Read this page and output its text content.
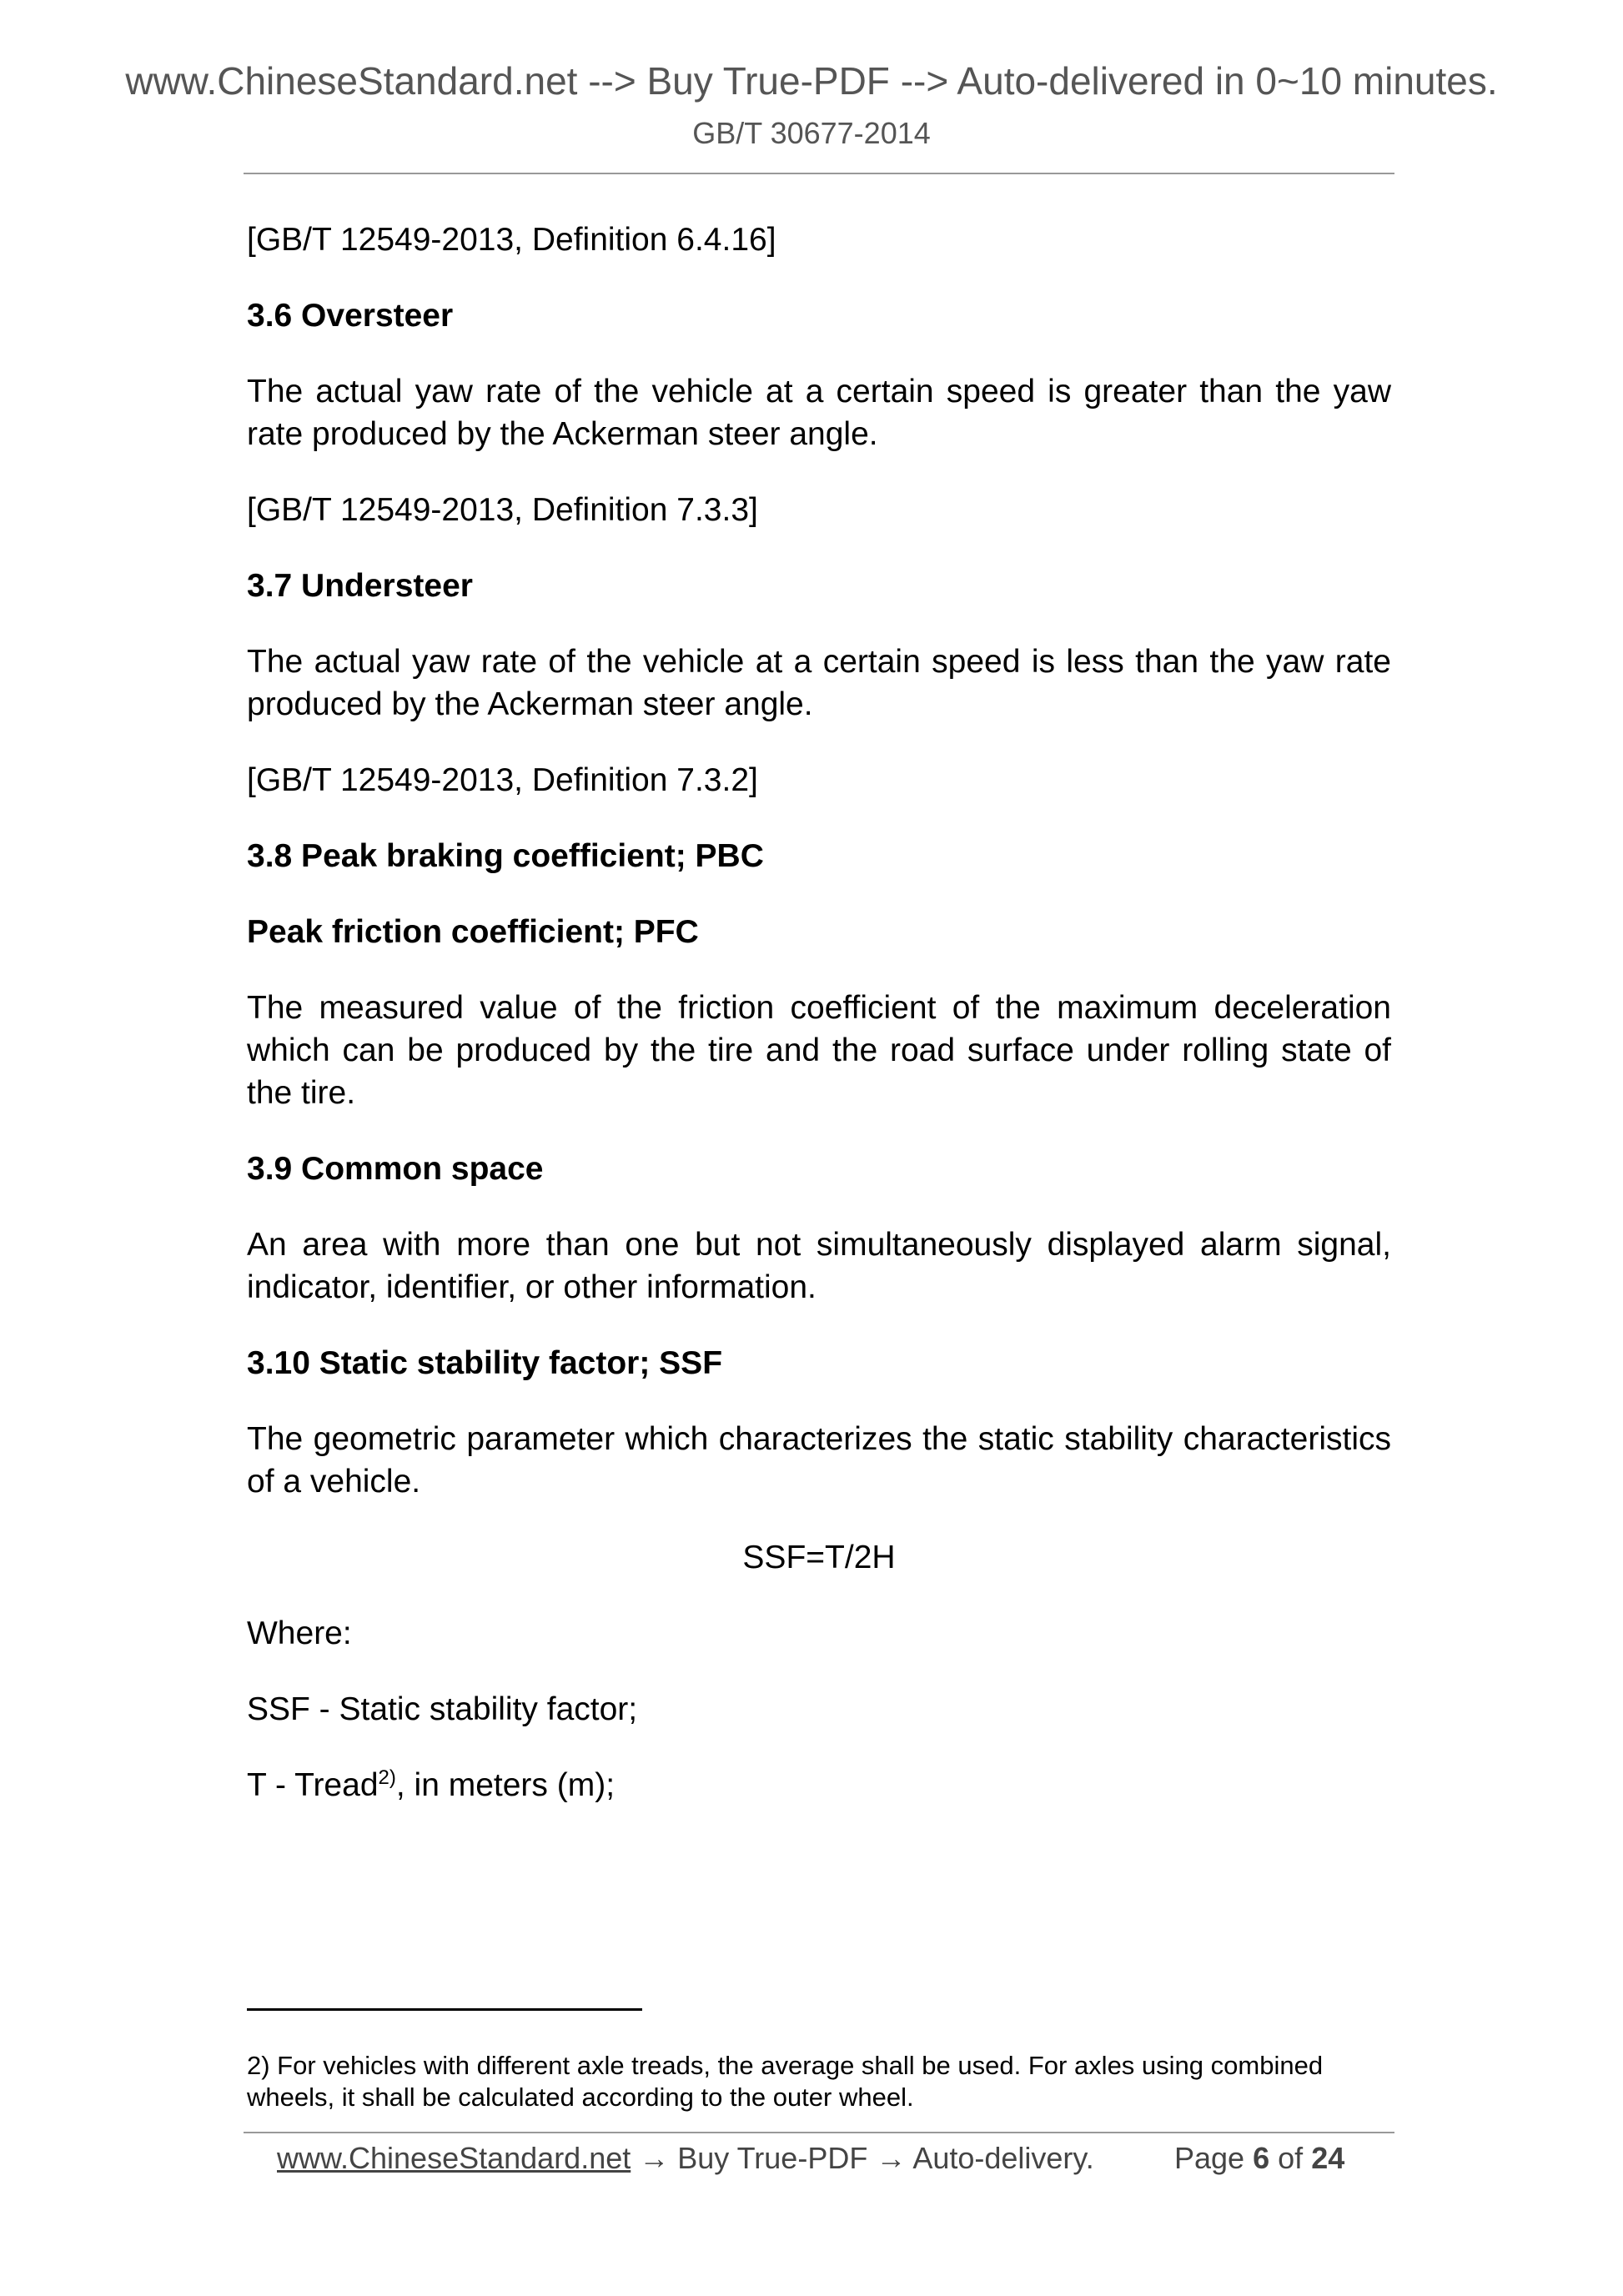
www.ChineseStandard.net --> Buy True-PDF --> Auto-delivered in 0~10 minutes.
GB/T 30677-2014

[GB/T 12549-2013, Definition 6.4.16]

3.6 Oversteer

The actual yaw rate of the vehicle at a certain speed is greater than the yaw rate produced by the Ackerman steer angle.

[GB/T 12549-2013, Definition 7.3.3]

3.7 Understeer

The actual yaw rate of the vehicle at a certain speed is less than the yaw rate produced by the Ackerman steer angle.

[GB/T 12549-2013, Definition 7.3.2]

3.8 Peak braking coefficient; PBC

Peak friction coefficient; PFC

The measured value of the friction coefficient of the maximum deceleration which can be produced by the tire and the road surface under rolling state of the tire.

3.9 Common space

An area with more than one but not simultaneously displayed alarm signal, indicator, identifier, or other information.

3.10 Static stability factor; SSF

The geometric parameter which characterizes the static stability characteristics of a vehicle.

SSF=T/2H

Where:

SSF - Static stability factor;

T - Tread$^{2)}$, in meters (m);

2) For vehicles with different axle treads, the average shall be used. For axles using combined wheels, it shall be calculated according to the outer wheel.
www.ChineseStandard.net → Buy True-PDF → Auto-delivery.	Page 6 of 24
